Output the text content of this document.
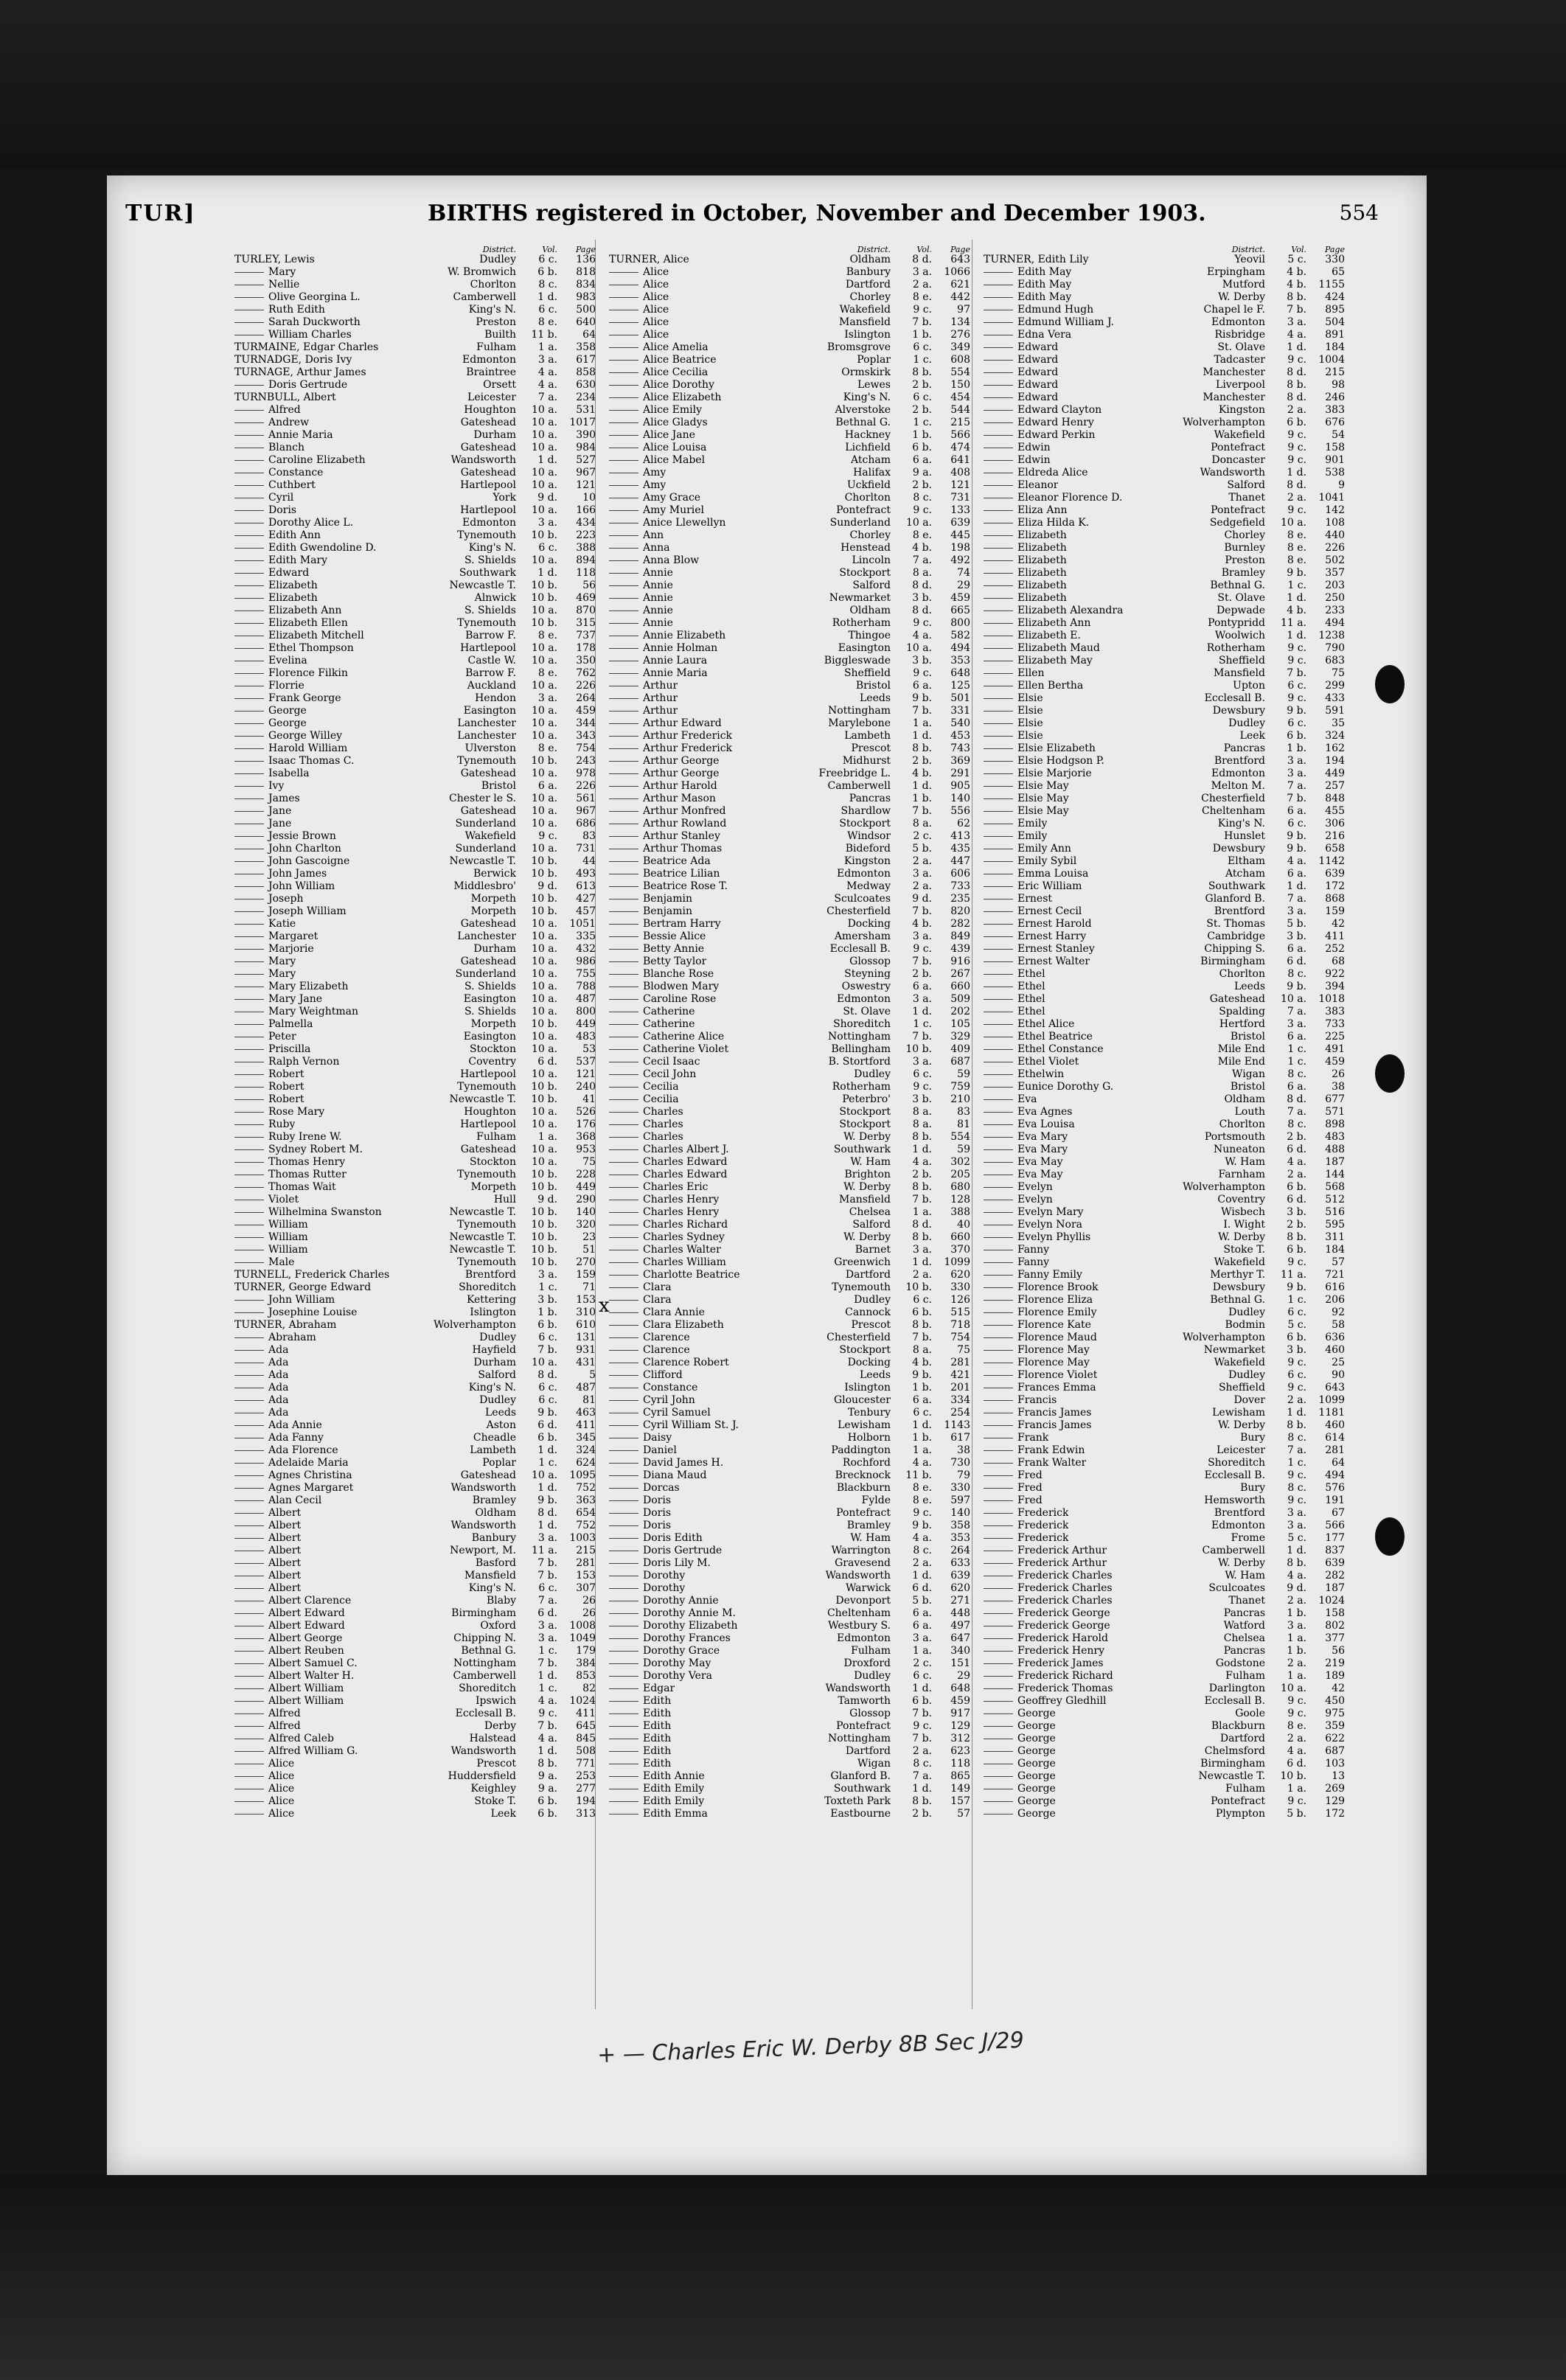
TUR]	BIRTHS registered in October, November and December 1903.	554
District.	Vol. Page
TURLEY, Lewis	Dudley 6 c. 136
Mary	W. Bromwich 6 b. 818
Nellie	Chorlton 8 c. 834
Olive Georgina L.	Camberwell 1 d. 983
Ruth Edith	King's N. 6 c. 500
Sarah Duckworth	Preston 8 e. 640
William Charles	Builth 11 b. 64
TURMAINE, Edgar Charles	Fulham 1 a. 358
TURNADGE, Doris Ivy	Edmonton 3 a. 617
TURNAGE, Arthur James	Braintree 4 a. 858
Doris Gertrude	Orsett 4 a. 630
TURNBULL, Albert	Leicester 7 a. 234
Alfred	Houghton 10 a. 531
Andrew	Gateshead 10 a. 1017
Annie Maria	Durham 10 a. 390
Blanch	Gateshead 10 a. 984
Caroline Elizabeth	Wandsworth 1 d. 527
Constance	Gateshead 10 a. 967
Cuthbert	Hartlepool 10 a. 121
Cyril	York 9 d. 10
Doris	Hartlepool 10 a. 166
Dorothy Alice L.	Edmonton 3 a. 434
Edith Ann	Tynemouth 10 b. 223
Edith Gwendoline D.	King's N. 6 c. 388
Edith Mary	S. Shields 10 a. 894
Edward	Southwark 1 d. 118
Elizabeth	Newcastle T. 10 b. 56
Elizabeth	Alnwick 10 b. 469
Elizabeth Ann	S. Shields 10 a. 870
Elizabeth Ellen	Tynemouth 10 b. 315
Elizabeth Mitchell	Barrow F. 8 e. 737
Ethel Thompson	Hartlepool 10 a. 178
Evelina	Castle W. 10 a. 350
Florence Filkin	Barrow F. 8 e. 762
Florrie	Auckland 10 a. 226
Frank George	Hendon 3 a. 264
George	Easington 10 a. 459
George	Lanchester 10 a. 344
George Willey	Lanchester 10 a. 343
Harold William	Ulverston 8 e. 754
Isaac Thomas C.	Tynemouth 10 b. 243
Isabella	Gateshead 10 a. 978
Ivy	Bristol 6 a. 226
James	Chester le S. 10 a. 561
Jane	Gateshead 10 a. 967
Jane	Sunderland 10 a. 686
Jessie Brown	Wakefield 9 c. 83
John Charlton	Sunderland 10 a. 731
John Gascoigne	Newcastle T. 10 b. 44
John James	Berwick 10 b. 493
John William	Middlesbro' 9 d. 613
Joseph	Morpeth 10 b. 427
Joseph William	Morpeth 10 b. 457
Katie	Gateshead 10 a. 1051
Margaret	Lanchester 10 a. 335
Marjorie	Durham 10 a. 432
Mary	Gateshead 10 a. 986
Mary	Sunderland 10 a. 755
Mary Elizabeth	S. Shields 10 a. 788
Mary Jane	Easington 10 a. 487
Mary Weightman	S. Shields 10 a. 800
Palmella	Morpeth 10 b. 449
Peter	Easington 10 a. 483
Priscilla	Stockton 10 a. 53
Ralph Vernon	Coventry 6 d. 537
Robert	Hartlepool 10 a. 121
Robert	Tynemouth 10 b. 240
Robert	Newcastle T. 10 b. 41
Rose Mary	Houghton 10 a. 526
Ruby	Hartlepool 10 a. 176
Ruby Irene W.	Fulham 1 a. 368
Sydney Robert M.	Gateshead 10 a. 953
Thomas Henry	Stockton 10 a. 75
Thomas Rutter	Tynemouth 10 b. 228
Thomas Wait	Morpeth 10 b. 449
Violet	Hull 9 d. 290
Wilhelmina Swanston	Newcastle T. 10 b. 140
William	Tynemouth 10 b. 320
William	Newcastle T. 10 b. 23
William	Newcastle T. 10 b. 51
Male	Tynemouth 10 b. 270
TURNELL, Frederick Charles	Brentford 3 a. 159
TURNER, George Edward	Shoreditch 1 c. 71
John William	Kettering 3 b. 153
Josephine Louise	Islington 1 b. 310
TURNER, Abraham	Wolverhampton 6 b. 610
Abraham	Dudley 6 c. 131
Ada	Hayfield 7 b. 931
Ada	Durham 10 a. 431
Ada	Salford 8 d.	5
Ada	King's N. 6 c. 487
Ada	Dudley 6 c. 81
Ada	Leeds 9 b. 463
Ada Annie	Aston 6 d. 411
Ada Fanny	Cheadle 6 b. 345
Ada Florence	Lambeth 1 d. 324
Adelaide Maria	Poplar 1 c. 624
Agnes Christina	Gateshead 10 a. 1095
Agnes Margaret	Wandsworth 1 d. 752
Alan Cecil	Bramley 9 b. 363
Albert	Oldham 8 d. 654
Albert	Wandsworth 1 d. 752
Albert	Banbury 3 a. 1003
Albert	Newport, M. 11 a. 215
Albert	Basford 7 b. 281
Albert	Mansfield 7 b. 153
Albert	King's N. 6 c. 307
Albert Clarence	Blaby 7 a. 26
Albert Edward	Birmingham 6 d. 26
Albert Edward	Oxford 3 a. 1008
Albert George	Chipping N. 3 a. 1049
Albert Reuben	Bethnal G. 1 c. 179
Albert Samuel C.	Nottingham 7 b. 384
Albert Walter H.	Camberwell 1 d. 853
Albert William	Shoreditch 1 c. 82
Albert William	Ipswich 4 a. 1024
Alfred	Ecclesall B. 9 c. 411
Alfred	Derby 7 b. 645
Alfred Caleb	Halstead 4 a. 845
Alfred William G.	Wandsworth 1 d. 508
Alice	Prescot 8 b. 771
Alice	Huddersfield 9 a. 253
Alice	Keighley 9 a. 277
Alice	Stoke T. 6 b. 194
Alice	Leek 6 b. 313
District.	Vol. Page
TURNER, Alice	Oldham 8 d. 643
Alice	Banbury 3 a. 1066
Alice	Dartford 2 a. 621
Alice	Chorley 8 e. 442
Alice	Wakefield 9 c. 97
Alice	Mansfield 7 b. 134
Alice	Islington 1 b. 276
Alice Amelia	Bromsgrove 6 c. 349
Alice Beatrice	Poplar 1 c. 608
Alice Cecilia	Ormskirk 8 b. 554
Alice Dorothy	Lewes 2 b. 150
Alice Elizabeth	King's N. 6 c. 454
Alice Emily	Alverstoke 2 b. 544
Alice Gladys	Bethnal G. 1 c. 215
Alice Jane	Hackney 1 b. 566
Alice Louisa	Lichfield 6 b. 474
Alice Mabel	Atcham 6 a. 641
Amy	Halifax 9 a. 408
Amy	Uckfield 2 b. 121
Amy Grace	Chorlton 8 c. 731
Amy Muriel	Pontefract 9 c. 133
Anice Llewellyn	Sunderland 10 a. 639
Ann	Chorley 8 e. 445
Anna	Henstead 4 b. 198
Anna Blow	Lincoln 7 a. 492
Annie	Stockport 8 a. 74
Annie	Salford 8 d. 29
Annie	Newmarket 3 b. 459
Annie	Oldham 8 d. 665
Annie	Rotherham 9 c. 800
Annie Elizabeth	Thingoe 4 a. 582
Annie Holman	Easington 10 a. 494
Annie Laura	Biggleswade 3 b. 353
Annie Maria	Sheffield 9 c. 648
Arthur	Bristol 6 a. 125
Arthur	Leeds 9 b. 501
Arthur	Nottingham 7 b. 331
Arthur Edward	Marylebone 1 a. 540
Arthur Frederick	Lambeth 1 d. 453
Arthur Frederick	Prescot 8 b. 743
Arthur George	Midhurst 2 b. 369
Arthur George	Freebridge L. 4 b. 291
Arthur Harold	Camberwell 1 d. 905
Arthur Mason	Pancras 1 b. 140
Arthur Monfred	Shardlow 7 b. 556
Arthur Rowland	Stockport 8 a. 62
Arthur Stanley	Windsor 2 c. 413
Arthur Thomas	Bideford 5 b. 435
Beatrice Ada	Kingston 2 a. 447
Beatrice Lilian	Edmonton 3 a. 606
Beatrice Rose T.	Medway 2 a. 733
Benjamin	Sculcoates 9 d. 235
Benjamin	Chesterfield 7 b. 820
Bertram Harry	Docking 4 b. 282
Bessie Alice	Amersham 3 a. 849
Betty Annie	Ecclesall B. 9 c. 439
Betty Taylor	Glossop 7 b. 916
Blanche Rose	Steyning 2 b. 267
Blodwen Mary	Oswestry 6 a. 660
Caroline Rose	Edmonton 3 a. 509
Catherine	St. Olave 1 d. 202
Catherine	Shoreditch 1 c. 105
Catherine Alice	Nottingham 7 b. 329
Catherine Violet	Bellingham 10 b. 409
Cecil Isaac	B. Stortford 3 a. 687
Cecil John	Dudley 6 c. 59
Cecilia	Rotherham 9 c. 759
Cecilia	Peterbro' 3 b. 210
Charles	Stockport 8 a. 83
Charles	Stockport 8 a. 81
Charles	W. Derby 8 b. 554
Charles Albert J.	Southwark 1 d. 59
Charles Edward	W. Ham 4 a. 302
Charles Edward	Brighton 2 b. 205
Charles Eric	W. Derby 8 b. 680
Charles Henry	Mansfield 7 b. 128
Charles Henry	Chelsea 1 a. 388
Charles Richard	Salford 8 d. 40
Charles Sydney	W. Derby 8 b. 660
Charles Walter	Barnet 3 a. 370
Charles William	Greenwich 1 d. 1099
Charlotte Beatrice	Dartford 2 a. 620
Clara	Tynemouth 10 b. 330
Clara	Dudley 6 c. 126
Clara Annie	Cannock 6 b. 515
Clara Elizabeth	Prescot 8 b. 718
Clarence	Chesterfield 7 b. 754
Clarence	Stockport 8 a. 75
Clarence Robert	Docking 4 b. 281
Clifford	Leeds 9 b. 421
Constance	Islington 1 b. 201
Cyril John	Gloucester 6 a. 334
Cyril Samuel	Tenbury 6 c. 254
Cyril William St. J.	Lewisham 1 d. 1143
Daisy	Holborn 1 b. 617
Daniel	Paddington 1 a. 38
David James H.	Rochford 4 a. 730
Diana Maud	Brecknock 11 b. 79
Dorcas	Blackburn 8 e. 330
Doris	Fylde 8 e. 597
Doris	Pontefract 9 c. 140
Doris	Bramley 9 b. 358
Doris Edith	W. Ham 4 a. 353
Doris Gertrude	Warrington 8 c. 264
Doris Lily M.	Gravesend 2 a. 633
Dorothy	Wandsworth 1 d. 639
Dorothy	Warwick 6 d. 620
Dorothy Annie	Devonport 5 b. 271
Dorothy Annie M.	Cheltenham 6 a. 448
Dorothy Elizabeth	Westbury S. 6 a. 497
Dorothy Frances	Edmonton 3 a. 647
Dorothy Grace	Fulham 1 a. 340
Dorothy May	Droxford 2 c. 151
Dorothy Vera	Dudley 6 c. 29
Edgar	Wandsworth 1 d. 648
Edith	Tamworth 6 b. 459
Edith	Glossop 7 b. 917
Edith	Pontefract 9 c. 129
Edith	Nottingham 7 b. 312
Edith	Dartford 2 a. 623
Edith	Wigan 8 c. 118
Edith Annie	Glanford B. 7 a. 865
Edith Emily	Southwark 1 d. 149
Edith Emily	Toxteth Park 8 b. 157
Edith Emma	Eastbourne 2 b. 57
District.	Vol. Page
TURNER, Edith Lily	Yeovil 5 c. 330
Edith May	Erpingham 4 b. 65
Edith May	Mutford 4 b. 1155
Edith May	W. Derby 8 b. 424
Edmund Hugh	Chapel le F. 7 b. 895
Edmund William J.	Edmonton 3 a. 504
Edna Vera	Risbridge 4 a. 891
Edward	St. Olave 1 d. 184
Edward	Tadcaster 9 c. 1004
Edward	Manchester 8 d. 215
Edward	Liverpool 8 b. 98
Edward	Manchester 8 d. 246
Edward Clayton	Kingston 2 a. 383
Edward Henry	Wolverhampton 6 b. 676
Edward Perkin	Wakefield 9 c. 54
Edwin	Pontefract 9 c. 158
Edwin	Doncaster 9 c. 901
Eldreda Alice	Wandsworth 1 d. 538
Eleanor	Salford 8 d.	9
Eleanor Florence D.	Thanet 2 a. 1041
Eliza Ann	Pontefract 9 c. 142
Eliza Hilda K.	Sedgefield 10 a. 108
Elizabeth	Chorley 8 e. 440
Elizabeth	Burnley 8 e. 226
Elizabeth	Preston 8 e. 502
Elizabeth	Bramley 9 b. 357
Elizabeth	Bethnal G. 1 c. 203
Elizabeth	St. Olave 1 d. 250
Elizabeth Alexandra	Depwade 4 b. 233
Elizabeth Ann	Pontypridd 11 a. 494
Elizabeth E.	Woolwich 1 d. 1238
Elizabeth Maud	Rotherham 9 c. 790
Elizabeth May	Sheffield 9 c. 683
Ellen	Mansfield 7 b. 75
Ellen Bertha	Upton 6 c. 299
Elsie	Ecclesall B. 9 c. 433
Elsie	Dewsbury 9 b. 591
Elsie	Dudley 6 c. 35
Elsie	Leek 6 b. 324
Elsie Elizabeth	Pancras 1 b. 162
Elsie Hodgson P.	Brentford 3 a. 194
Elsie Marjorie	Edmonton 3 a. 449
Elsie May	Melton M. 7 a. 257
Elsie May	Chesterfield 7 b. 848
Elsie May	Cheltenham 6 a. 455
Emily	King's N. 6 c. 306
Emily	Hunslet 9 b. 216
Emily Ann	Dewsbury 9 b. 658
Emily Sybil	Eltham 4 a. 1142
Emma Louisa	Atcham 6 a. 639
Eric William	Southwark 1 d. 172
Ernest	Glanford B. 7 a. 868
Ernest Cecil	Brentford 3 a. 159
Ernest Harold	St. Thomas 5 b. 42
Ernest Harry	Cambridge 3 b. 411
Ernest Stanley	Chipping S. 6 a. 252
Ernest Walter	Birmingham 6 d. 68
Ethel	Chorlton 8 c. 922
Ethel	Leeds 9 b. 394
Ethel	Gateshead 10 a. 1018
Ethel	Spalding 7 a. 383
Ethel Alice	Hertford 3 a. 733
Ethel Beatrice	Bristol 6 a. 225
Ethel Constance	Mile End 1 c. 491
Ethel Violet	Mile End 1 c. 459
Ethelwin	Wigan 8 c. 26
Eunice Dorothy G.	Bristol 6 a. 38
Eva	Oldham 8 d. 677
Eva Agnes	Louth 7 a. 571
Eva Louisa	Chorlton 8 c. 898
Eva Mary	Portsmouth 2 b. 483
Eva Mary	Nuneaton 6 d. 488
Eva May	W. Ham 4 a. 187
Eva May	Farnham 2 a. 144
Evelyn	Wolverhampton 6 b. 568
Evelyn	Coventry 6 d. 512
Evelyn Mary	Wisbech 3 b. 516
Evelyn Nora	I. Wight 2 b. 595
Evelyn Phyllis	W. Derby 8 b. 311
Fanny	Stoke T. 6 b. 184
Fanny	Wakefield 9 c. 57
Fanny Emily	Merthyr T. 11 a. 721
Florence Brook	Dewsbury 9 b. 616
Florence Eliza	Bethnal G. 1 c. 206
Florence Emily	Dudley 6 c. 92
Florence Kate	Bodmin 5 c. 58
Florence Maud	Wolverhampton 6 b. 636
Florence May	Newmarket 3 b. 460
Florence May	Wakefield 9 c. 25
Florence Violet	Dudley 6 c. 90
Frances Emma	Sheffield 9 c. 643
Francis	Dover 2 a. 1099
Francis James	Lewisham 1 d. 1181
Francis James	W. Derby 8 b. 460
Frank	Bury 8 c. 614
Frank Edwin	Leicester 7 a. 281
Frank Walter	Shoreditch 1 c. 64
Fred	Ecclesall B. 9 c. 494
Fred	Bury 8 c. 576
Fred	Hemsworth 9 c. 191
Frederick	Brentford 3 a. 67
Frederick	Edmonton 3 a. 566
Frederick	Frome 5 c. 177
Frederick Arthur	Camberwell 1 d. 837
Frederick Arthur	W. Derby 8 b. 639
Frederick Charles	W. Ham 4 a. 282
Frederick Charles	Sculcoates 9 d. 187
Frederick Charles	Thanet 2 a. 1024
Frederick George	Pancras 1 b. 158
Frederick George	Watford 3 a. 802
Frederick Harold	Chelsea 1 a. 377
Frederick Henry	Pancras 1 b. 56
Frederick James	Godstone 2 a. 219
Frederick Richard	Fulham 1 a. 189
Frederick Thomas	Darlington 10 a. 42
Geoffrey Gledhill	Ecclesall B. 9 c. 450
George	Goole 9 c. 975
George	Blackburn 8 e. 359
George	Dartford 2 a. 622
George	Chelmsford 4 a. 687
George	Birmingham 6 d. 103
George	Newcastle T. 10 b. 13
George	Fulham 1 a. 269
George	Pontefract 9 c. 129
George	Plympton 5 b. 172
x
+ — Charles Eric W. Derby 8B Sec J/29
